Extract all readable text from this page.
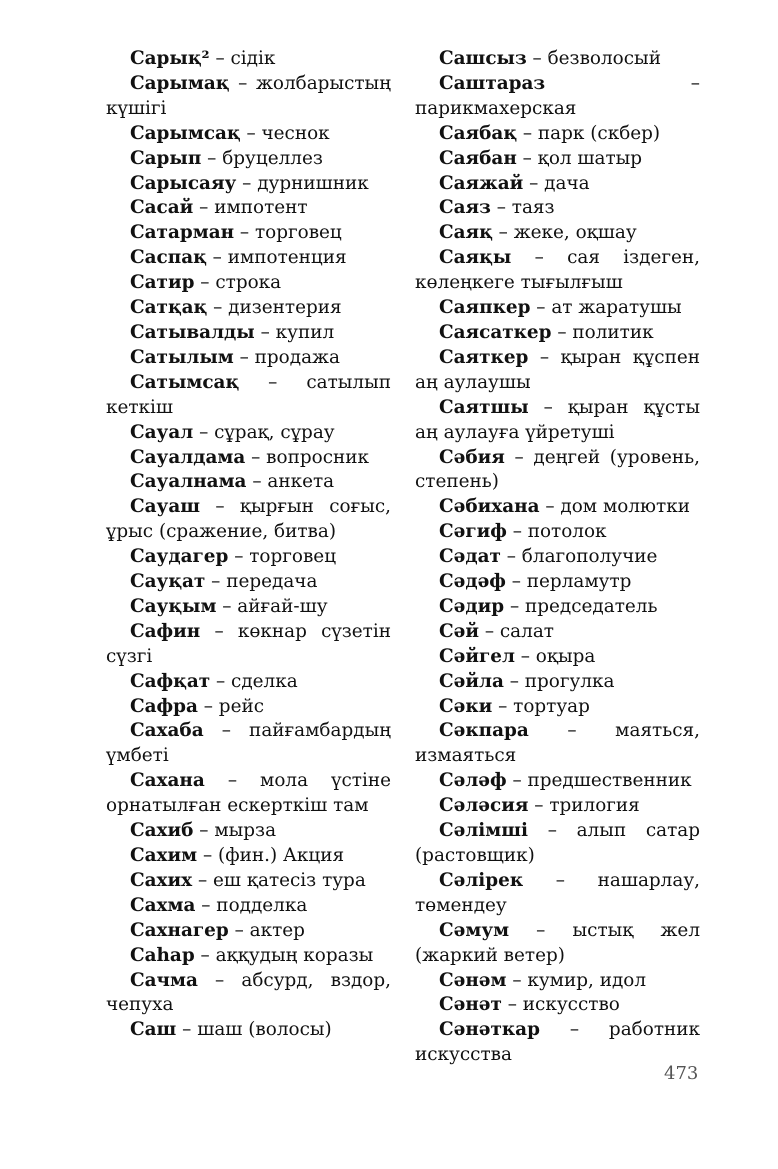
Сарық² – сідік
Сарымақ – жолбарыстың күшігі
Сарымсақ – чеснок
Сарып – бруцеллез
Сарысаяу – дурнишник
Сасай – импотент
Сатарман – торговец
Саспақ – импотенция
Сатир – строка
Сатқақ – дизентерия
Сатывалды – купил
Сатылым – продажа
Сатымсақ – сатылып кеткіш
Сауал – сұрақ, сұрау
Сауалдама – вопросник
Сауалнама – анкета
Сауаш – қырғын соғыс, ұрыс (сражение, битва)
Саудагер – торговец
Сауқат – передача
Сауқым – айғай-шу
Сафин – көкнар сүзетін сүзгі
Сафқат – сделка
Сафра – рейс
Сахаба – пайғамбардың үмбеті
Сахана – мола үстіне орнатылған ескерткіш там
Сахиб – мырза
Сахим – (фин.) Акция
Сахих – еш қатесіз тура
Сахма – подделка
Сахнагер – актер
Саһар – аққудың коразы
Сачма – абсурд, вздор, чепуха
Саш – шаш (волосы)
Сашсыз – безволосый
Саштараз – парикмахерская
Саябақ – парк (скбер)
Саябан – қол шатыр
Саяжай – дача
Саяз – таяз
Саяқ – жеке, оқшау
Саяқы – сая іздеген, көлеңкеге тығылғыш
Саяпкер – ат жаратушы
Саясаткер – политик
Саяткер – қыран құспен аң аулаушы
Саятшы – қыран құсты аң аулауға үйретуші
Сәбия – деңгей (уровень, степень)
Сәбихана – дом молютки
Сәгиф – потолок
Сәдат – благополучие
Сәдәф – перламутр
Сәдир – председатель
Сәй – салат
Сәйгел – оқыра
Сәйла – прогулка
Сәки – тортуар
Сәкпара – маяться, измаяться
Сәләф – предшественник
Сәләсия – трилогия
Сәлімші – алып сатар (растовщик)
Сәлірек – нашарлау, төмендеу
Сәмум – ыстық жел (жаркий ветер)
Сәнәм – кумир, идол
Сәнәт – искусство
Сәнәткар – работник искусства
473
